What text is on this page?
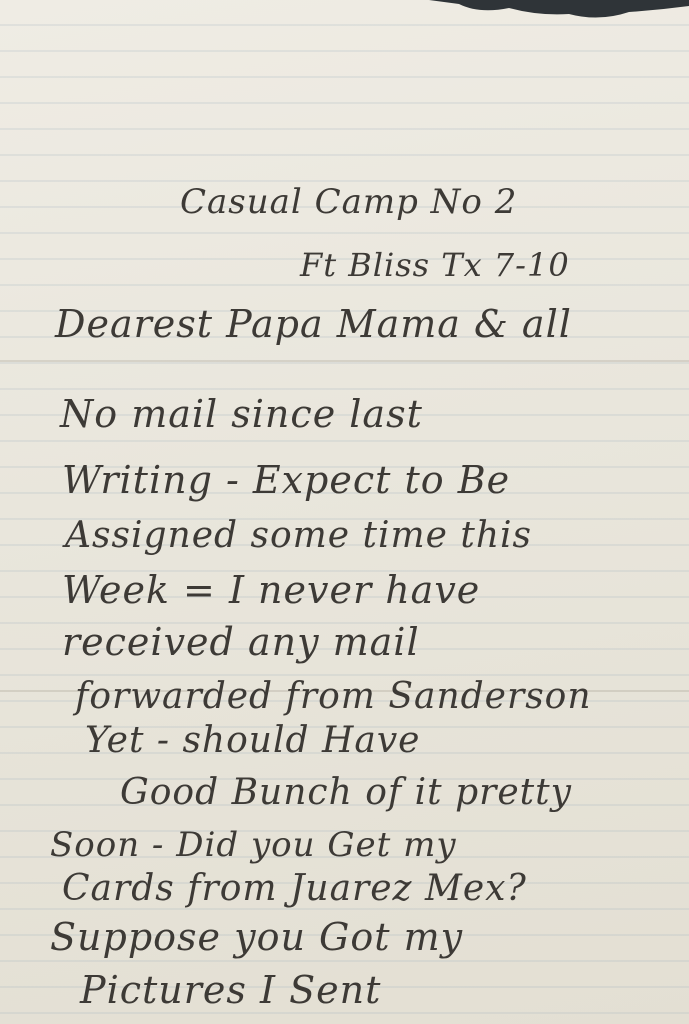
Casual Camp No 2
Ft Bliss Tx 7-10
Dearest Papa Mama & all
No mail since last
Writing - Expect to Be
Assigned some time this
Week = I never have
received any mail
forwarded from Sanderson
Yet - should Have
Good Bunch of it pretty
Soon - Did you Get my
Cards from Juarez Mex?
Suppose you Got my
Pictures I Sent
